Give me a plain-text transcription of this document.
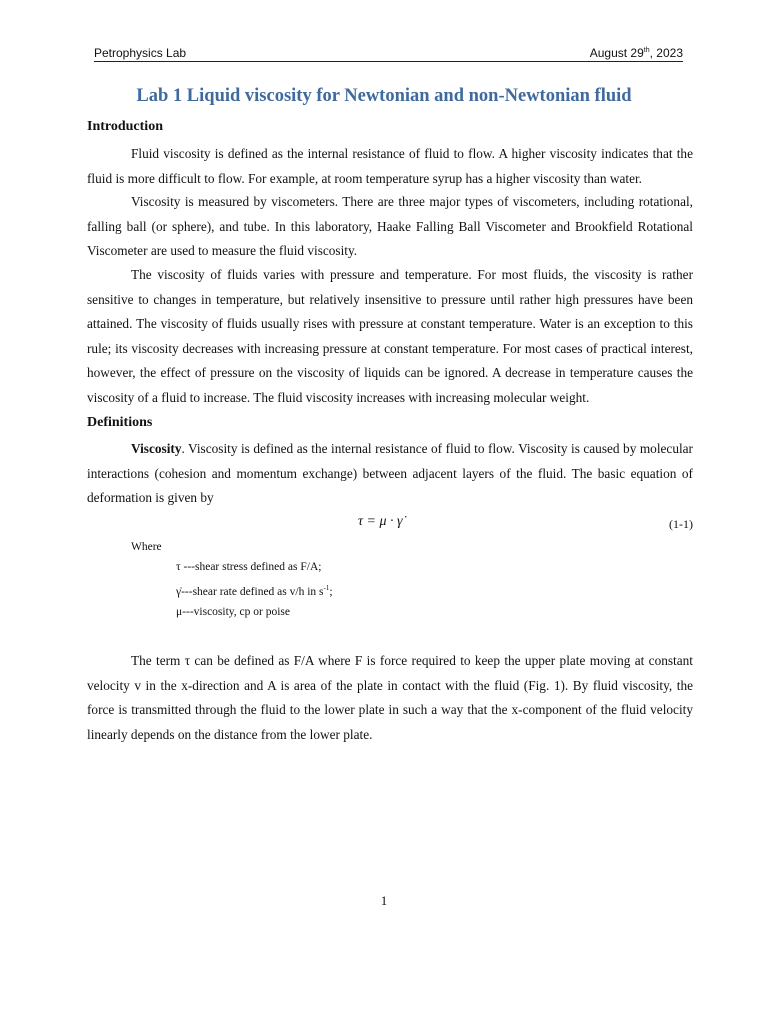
Petrophysics Lab	August 29th, 2023
Lab 1 Liquid viscosity for Newtonian and non-Newtonian fluid
Introduction
Fluid viscosity is defined as the internal resistance of fluid to flow. A higher viscosity indicates that the fluid is more difficult to flow. For example, at room temperature syrup has a higher viscosity than water.
Viscosity is measured by viscometers. There are three major types of viscometers, including rotational, falling ball (or sphere), and tube. In this laboratory, Haake Falling Ball Viscometer and Brookfield Rotational Viscometer are used to measure the fluid viscosity.
The viscosity of fluids varies with pressure and temperature. For most fluids, the viscosity is rather sensitive to changes in temperature, but relatively insensitive to pressure until rather high pressures have been attained. The viscosity of fluids usually rises with pressure at constant temperature. Water is an exception to this rule; its viscosity decreases with increasing pressure at constant temperature. For most cases of practical interest, however, the effect of pressure on the viscosity of liquids can be ignored. A decrease in temperature causes the viscosity of a fluid to increase. The fluid viscosity increases with increasing molecular weight.
Definitions
Viscosity. Viscosity is defined as the internal resistance of fluid to flow. Viscosity is caused by molecular interactions (cohesion and momentum exchange) between adjacent layers of the fluid. The basic equation of deformation is given by
τ = μ · γ̇	(1-1)
Where
τ ---shear stress defined as F/A;
γ̇---shear rate defined as v/h in $s^{-1}$;
μ---viscosity, cp or poise
The term τ can be defined as F/A where F is force required to keep the upper plate moving at constant velocity v in the x-direction and A is area of the plate in contact with the fluid (Fig. 1). By fluid viscosity, the force is transmitted through the fluid to the lower plate in such a way that the x-component of the fluid velocity linearly depends on the distance from the lower plate.
1
